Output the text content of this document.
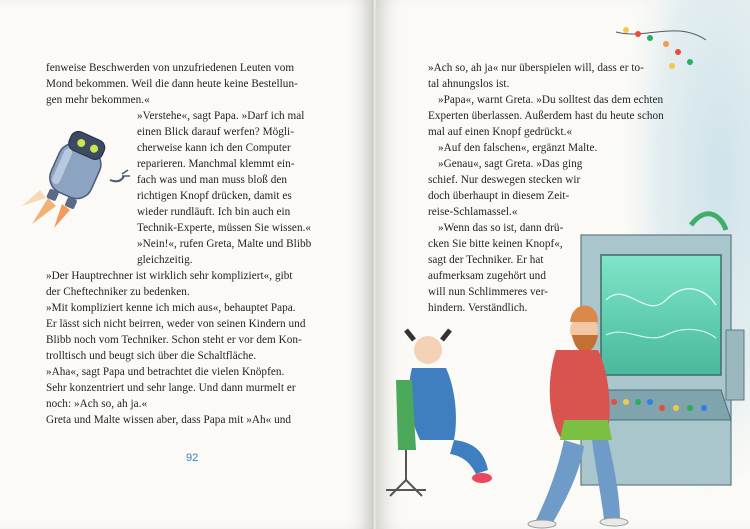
fenweise Beschwerden von unzufriedenen Leuten vom
Mond bekommen. Weil die dann heute keine Bestellun-
gen mehr bekommen.«
»Verstehe«, sagt Papa. »Darf ich mal
einen Blick darauf werfen? Mögli-
cherweise kann ich den Computer
reparieren. Manchmal klemmt ein-
fach was und man muss bloß den
richtigen Knopf drücken, damit es
wieder rundläuft. Ich bin auch ein
Technik-Experte, müssen Sie wissen.«
»Nein!«, rufen Greta, Malte und Blibb
gleichzeitig.
»Der Hauptrechner ist wirklich sehr kompliziert«, gibt
der Cheftechniker zu bedenken.
»Mit kompliziert kenne ich mich aus«, behauptet Papa.
Er lässt sich nicht beirren, weder von seinen Kindern und
Blibb noch vom Techniker. Schon steht er vor dem Kon-
trolltisch und beugt sich über die Schaltfläche.
»Aha«, sagt Papa und betrachtet die vielen Knöpfen.
Sehr konzentriert und sehr lange. Und dann murmelt er
noch: »Ach so, ah ja.«
Greta und Malte wissen aber, dass Papa mit »Ah« und
92
»Ach so, ah ja« nur überspielen will, dass er to-
tal ahnungslos ist.
»Papa«, warnt Greta. »Du solltest das dem echten
Experten überlassen. Außerdem hast du heute schon
mal auf einen Knopf gedrückt.«
»Auf den falschen«, ergänzt Malte.
»Genau«, sagt Greta. »Das ging
schief. Nur deswegen stecken wir
doch überhaupt in diesem Zeit-
reise-Schlamassel.«
»Wenn das so ist, dann drü-
cken Sie bitte keinen Knopf«,
sagt der Techniker. Er hat
aufmerksam zugehört und
will nun Schlimmeres ver-
hindern. Verständlich.
